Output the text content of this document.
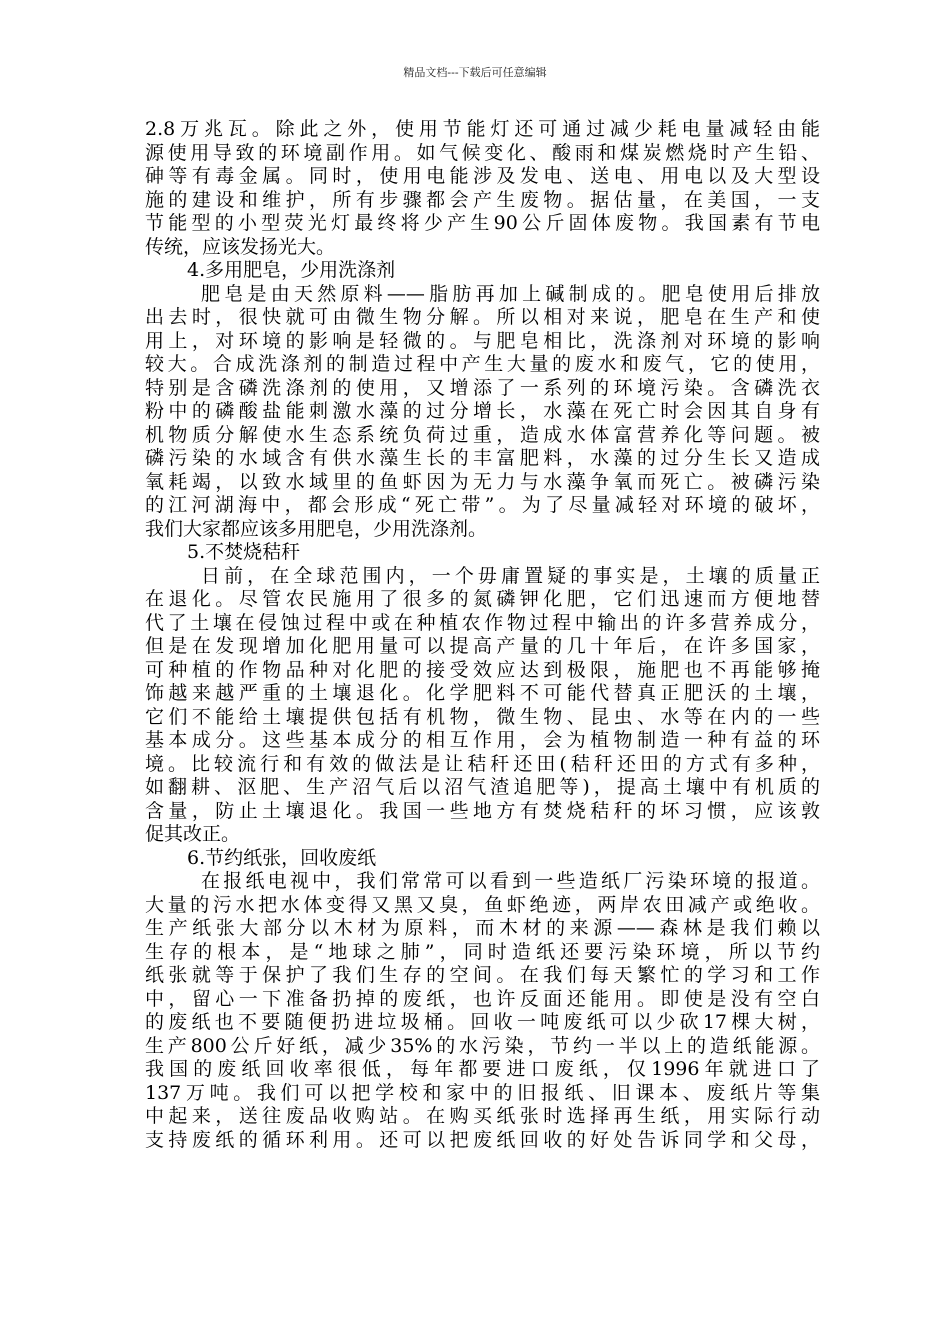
精品文档---下载后可任意编辑
2.8万兆瓦。除此之外，使用节能灯还可通过减少耗电量减轻由能
源使用导致的环境副作用。如气候变化、酸雨和煤炭燃烧时产生铅、
砷等有毒金属。同时，使用电能涉及发电、送电、用电以及大型设
施的建设和维护，所有步骤都会产生废物。据估量，在美国，一支
节能型的小型荧光灯最终将少产生90公斤固体废物。我国素有节电
传统，应该发扬光大。
4.多用肥皂，少用洗涤剂
肥皂是由天然原料——脂肪再加上碱制成的。肥皂使用后排放
出去时，很快就可由微生物分解。所以相对来说，肥皂在生产和使
用上，对环境的影响是轻微的。与肥皂相比，洗涤剂对环境的影响
较大。合成洗涤剂的制造过程中产生大量的废水和废气，它的使用，
特别是含磷洗涤剂的使用，又增添了一系列的环境污染。含磷洗衣
粉中的磷酸盐能刺激水藻的过分增长，水藻在死亡时会因其自身有
机物质分解使水生态系统负荷过重，造成水体富营养化等问题。被
磷污染的水域含有供水藻生长的丰富肥料，水藻的过分生长又造成
氧耗竭，以致水域里的鱼虾因为无力与水藻争氧而死亡。被磷污染
的江河湖海中，都会形成“死亡带”。为了尽量减轻对环境的破坏，
我们大家都应该多用肥皂，少用洗涤剂。
5.不焚烧秸秆
日前，在全球范围内，一个毋庸置疑的事实是，土壤的质量正
在退化。尽管农民施用了很多的氮磷钾化肥，它们迅速而方便地替
代了土壤在侵蚀过程中或在种植农作物过程中输出的许多营养成分，
但是在发现增加化肥用量可以提高产量的几十年后，在许多国家，
可种植的作物品种对化肥的接受效应达到极限，施肥也不再能够掩
饰越来越严重的土壤退化。化学肥料不可能代替真正肥沃的土壤，
它们不能给土壤提供包括有机物，微生物、昆虫、水等在内的一些
基本成分。这些基本成分的相互作用，会为植物制造一种有益的环
境。比较流行和有效的做法是让秸秆还田(秸秆还田的方式有多种，
如翻耕、沤肥、生产沼气后以沼气渣追肥等)，提高土壤中有机质的
含量，防止土壤退化。我国一些地方有焚烧秸秆的坏习惯，应该敦
促其改正。
6.节约纸张，回收废纸
在报纸电视中，我们常常可以看到一些造纸厂污染环境的报道。
大量的污水把水体变得又黑又臭，鱼虾绝迹，两岸农田减产或绝收。
生产纸张大部分以木材为原料，而木材的来源——森林是我们赖以
生存的根本，是“地球之肺”，同时造纸还要污染环境，所以节约
纸张就等于保护了我们生存的空间。在我们每天繁忙的学习和工作
中，留心一下准备扔掉的废纸，也许反面还能用。即使是没有空白
的废纸也不要随便扔进垃圾桶。回收一吨废纸可以少砍17棵大树，
生产800公斤好纸，减少35%的水污染，节约一半以上的造纸能源。
我国的废纸回收率很低，每年都要进口废纸，仅1996年就进口了
137万吨。我们可以把学校和家中的旧报纸、旧课本、废纸片等集
中起来，送往废品收购站。在购买纸张时选择再生纸，用实际行动
支持废纸的循环利用。还可以把废纸回收的好处告诉同学和父母，
